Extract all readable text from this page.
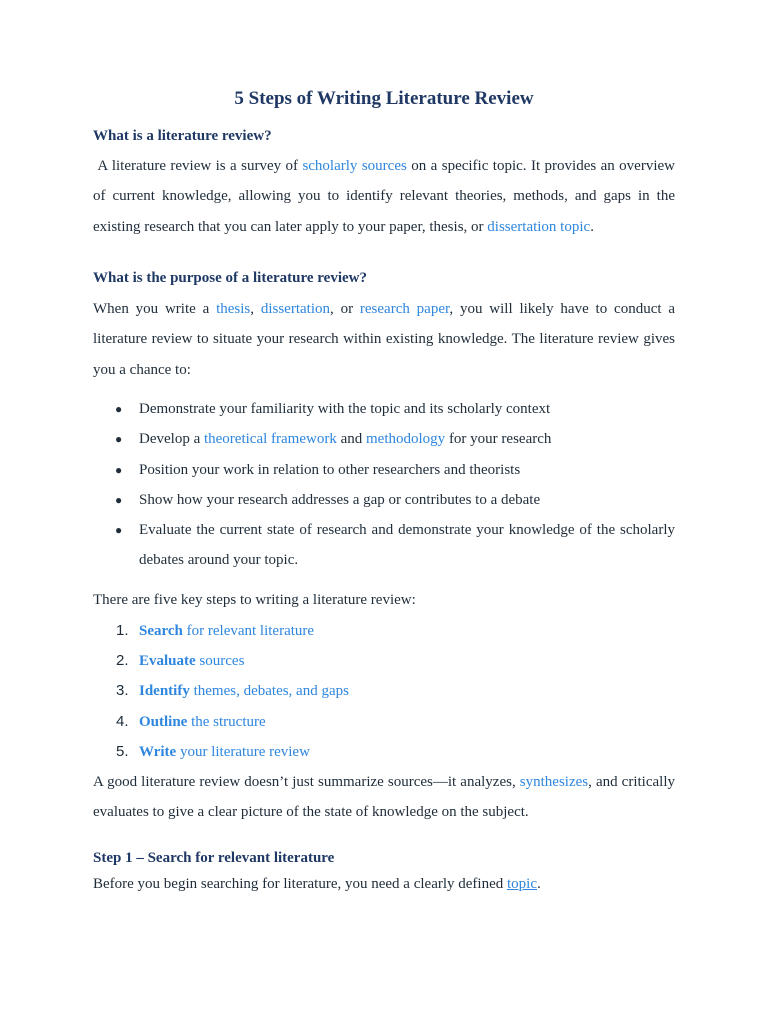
5 Steps of Writing Literature Review
What is a literature review?
A literature review is a survey of scholarly sources on a specific topic. It provides an overview of current knowledge, allowing you to identify relevant theories, methods, and gaps in the existing research that you can later apply to your paper, thesis, or dissertation topic.
What is the purpose of a literature review?
When you write a thesis, dissertation, or research paper, you will likely have to conduct a literature review to situate your research within existing knowledge. The literature review gives you a chance to:
● Demonstrate your familiarity with the topic and its scholarly context
● Develop a theoretical framework and methodology for your research
● Position your work in relation to other researchers and theorists
● Show how your research addresses a gap or contributes to a debate
● Evaluate the current state of research and demonstrate your knowledge of the scholarly debates around your topic.
There are five key steps to writing a literature review:
1. Search for relevant literature
2. Evaluate sources
3. Identify themes, debates, and gaps
4. Outline the structure
5. Write your literature review
A good literature review doesn’t just summarize sources—it analyzes, synthesizes, and critically evaluates to give a clear picture of the state of knowledge on the subject.
Step 1 – Search for relevant literature
Before you begin searching for literature, you need a clearly defined topic.
